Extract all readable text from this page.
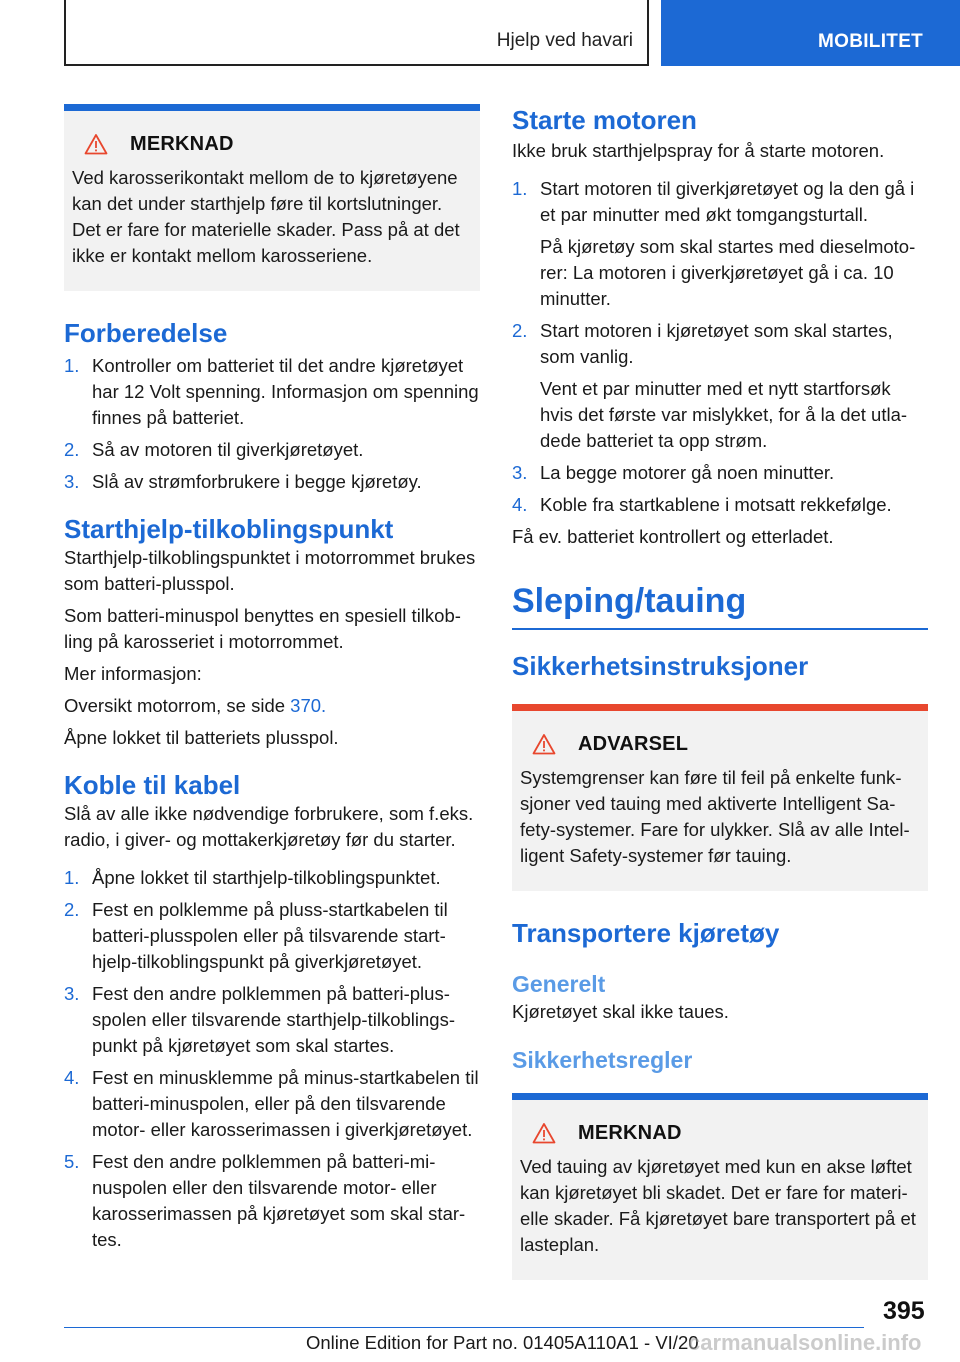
Hjelp ved havari	MOBILITET
MERKNAD

Ved karosserikontakt mellom de to kjøretøyene kan det under starthjelp føre til kortslutninger. Det er fare for materielle skader. Pass på at det ikke er kontakt mellom karosseriene.

Forberedelse
1. Kontroller om batteriet til det andre kjøretøyet har 12 Volt spenning. Informasjon om spenning finnes på batteriet.
2. Så av motoren til giverkjøretøyet.
3. Slå av strømforbrukere i begge kjøretøy.
Starthjelp-tilkoblingspunkt

Starthjelp-tilkoblingspunktet i motorrommet brukes som batteri-plusspol.

Som batteri-minuspol benyttes en spesiell tilkobling på karosseriet i motorrommet.

Mer informasjon:

Oversikt motorrom, se side 370.

Åpne lokket til batteriets plusspol.

Koble til kabel

Slå av alle ikke nødvendige forbrukere, som f.eks. radio, i giver- og mottakerkjøretøy før du starter.

1. Åpne lokket til starthjelp-tilkoblingspunktet.
2. Fest en polklemme på pluss-startkabelen til batteri-plusspolen eller på tilsvarende starthjelp-tilkoblingspunkt på giverkjøretøyet.
3. Fest den andre polklemmen på batteri-plusspolen eller tilsvarende starthjelp-tilkoblingspunkt på kjøretøyet som skal startes.
4. Fest en minusklemme på minus-startkabelen til batteri-minuspolen, eller på den tilsvarende motor- eller karosserimassen i giverkjøretøyet.
5. Fest den andre polklemmen på batteri-minuspolen eller den tilsvarende motor- eller karosserimassen på kjøretøyet som skal startes.
Starte motoren

Ikke bruk starthjelpspray for å starte motoren.

1. Start motoren til giverkjøretøyet og la den gå i et par minutter med økt tomgangsturtall.
På kjøretøy som skal startes med dieselmotorer: La motoren i giverkjøretøyet gå i ca. 10 minutter.
2. Start motoren i kjøretøyet som skal startes, som vanlig.
Vent et par minutter med et nytt startforsøk hvis det første var mislykket, for å la det utladede batteriet ta opp strøm.
3. La begge motorer gå noen minutter.
4. Koble fra startkablene i motsatt rekkefølge.

Få ev. batteriet kontrollert og etterladet.

Sleping/tauing
Sikkerhetsinstruksjoner
ADVARSEL

Systemgrenser kan føre til feil på enkelte funksjoner ved tauing med aktiverte Intelligent Safety-systemer. Fare for ulykker. Slå av alle Intelligent Safety-systemer før tauing.

Transportere kjøretøy
Generelt

Kjøretøyet skal ikke taues.

Sikkerhetsregler
MERKNAD

Ved tauing av kjøretøyet med kun en akse løftet kan kjøretøyet bli skadet. Det er fare for materielle skader. Få kjøretøyet bare transportert på et lasteplan.

395
Online Edition for Part no. 01405A110A1 - VI/20
carmanualsonline.info
